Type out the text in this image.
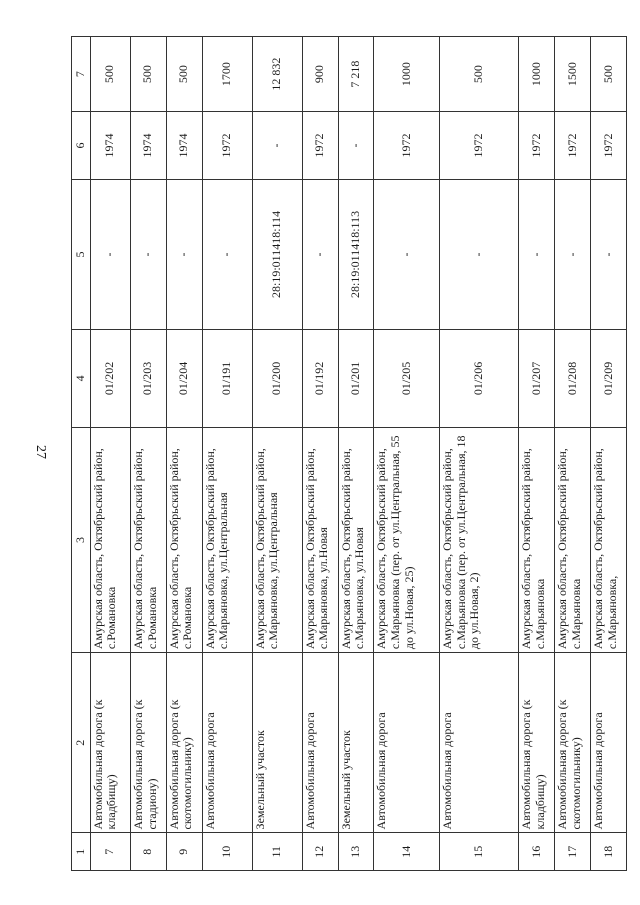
27
1	2	3	4	5	6	7
7	Автомобильная дорога (к кладбищу)	Амурская область, Октябрьский район, с.Романовка	01/202	-	1974	500
8	Автомобильная дорога (к стадиону)	Амурская область, Октябрьский район, с.Романовка	01/203	-	1974	500
9	Автомобильная дорога (к скотомогильнику)	Амурская область, Октябрьский район, с.Романовка	01/204	-	1974	500
10	Автомобильная дорога	Амурская область, Октябрьский район, с.Марьяновка, ул.Центральная	01/191	-	1972	1700
11	Земельный участок	Амурская область, Октябрьский район, с.Марьяновка, ул.Центральная	01/200	28:19:011418:114	-	12 832
12	Автомобильная дорога	Амурская область, Октябрьский район, с.Марьяновка, ул.Новая	01/192	-	1972	900
13	Земельный участок	Амурская область, Октябрьский район, с.Марьяновка, ул.Новая	01/201	28:19:011418:113	-	7 218
14	Автомобильная дорога	Амурская область, Октябрьский район, с.Марьяновка (пер. от ул.Центральная, 55 до ул.Новая, 25)	01/205	-	1972	1000
15	Автомобильная дорога	Амурская область, Октябрьский район, с.Марьяновка (пер. от ул.Центральная, 18 до ул.Новая, 2)	01/206	-	1972	500
16	Автомобильная дорога (к кладбищу)	Амурская область, Октябрьский район, с.Марьяновка	01/207	-	1972	1000
17	Автомобильная дорога (к скотомогильнику)	Амурская область, Октябрьский район, с.Марьяновка	01/208	-	1972	1500
18	Автомобильная дорога	Амурская область, Октябрьский район, с.Марьяновка,	01/209	-	1972	500
